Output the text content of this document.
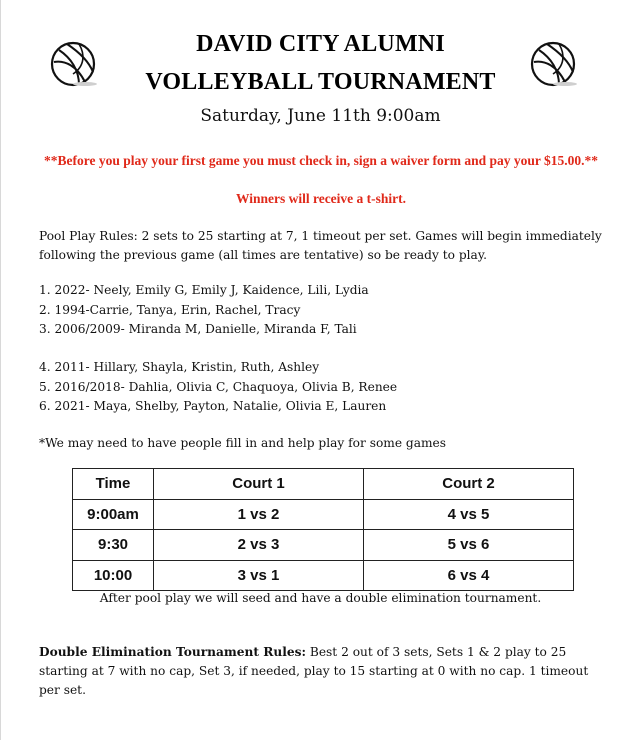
DAVID CITY ALUMNI
VOLLEYBALL TOURNAMENT
Saturday, June 11th 9:00am
**Before you play your first game you must check in, sign a waiver form and pay your $15.00.**
Winners will receive a t-shirt.
Pool Play Rules: 2 sets to 25 starting at 7, 1 timeout per set. Games will begin immediately following the previous game (all times are tentative) so be ready to play.
1. 2022- Neely, Emily G, Emily J, Kaidence, Lili, Lydia
2. 1994-Carrie, Tanya, Erin, Rachel, Tracy
3. 2006/2009- Miranda M, Danielle, Miranda F, Tali
4. 2011- Hillary, Shayla, Kristin, Ruth, Ashley
5. 2016/2018- Dahlia, Olivia C, Chaquoya, Olivia B, Renee
6. 2021- Maya, Shelby, Payton, Natalie, Olivia E, Lauren
*We may need to have people fill in and help play for some games
Time	Court 1	Court 2
9:00am	1 vs 2	4 vs 5
9:30	2 vs 3	5 vs 6
10:00	3 vs 1	6 vs 4
After pool play we will seed and have a double elimination tournament.
Double Elimination Tournament Rules: Best 2 out of 3 sets, Sets 1 & 2 play to 25 starting at 7 with no cap, Set 3, if needed, play to 15 starting at 0 with no cap. 1 timeout per set.
